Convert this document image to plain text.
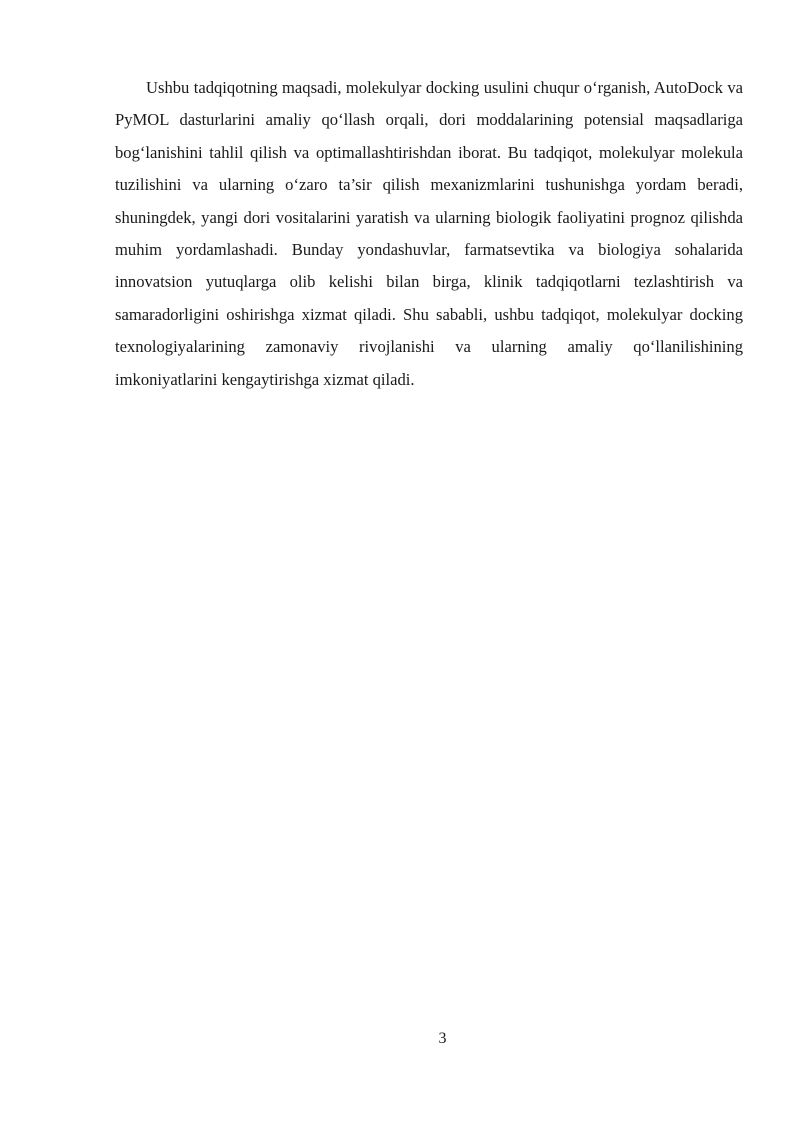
Ushbu tadqiqotning maqsadi, molekulyar docking usulini chuqur o‘rganish, AutoDock va PyMOL dasturlarini amaliy qo‘llash orqali, dori moddalarining potensial maqsadlariga bog‘lanishini tahlil qilish va optimallashtirishdan iborat. Bu tadqiqot, molekulyar molekula tuzilishini va ularning o‘zaro ta’sir qilish mexanizmlarini tushunishga yordam beradi, shuningdek, yangi dori vositalarini yaratish va ularning biologik faoliyatini prognoz qilishda muhim yordamlashadi. Bunday yondashuvlar, farmatsevtika va biologiya sohalarida innovatsion yutuqlarga olib kelishi bilan birga, klinik tadqiqotlarni tezlashtirish va samaradorligini oshirishga xizmat qiladi. Shu sababli, ushbu tadqiqot, molekulyar docking texnologiyalarining zamonaviy rivojlanishi va ularning amaliy qo‘llanilishining imkoniyatlarini kengaytirishga xizmat qiladi.

3
